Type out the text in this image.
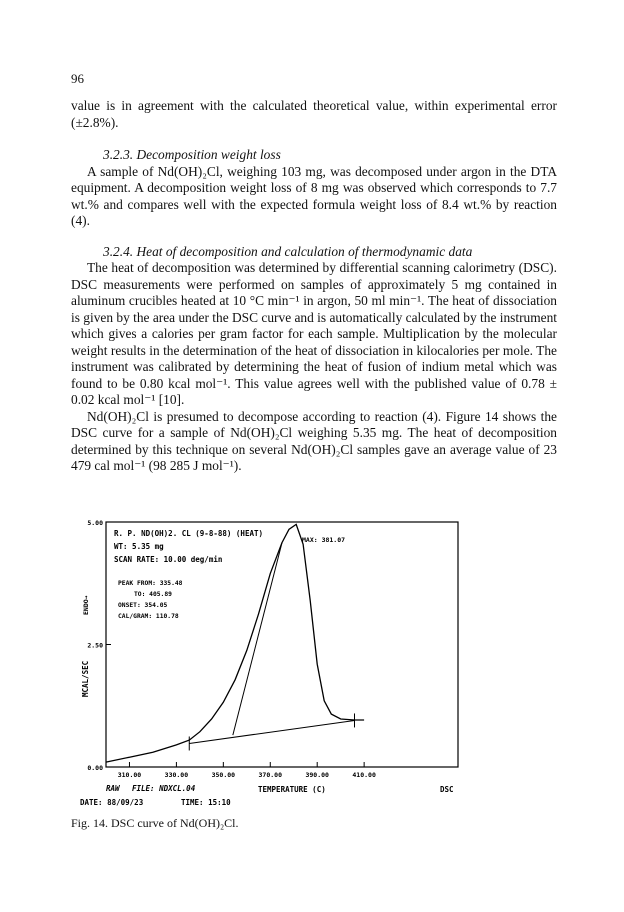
96

value is in agreement with the calculated theoretical value, within experimental error (±2.8%).

3.2.3. Decomposition weight loss

A sample of Nd(OH)₂Cl, weighing 103 mg, was decomposed under argon in the DTA equipment. A decomposition weight loss of 8 mg was observed which corresponds to 7.7 wt.% and compares well with the expected formula weight loss of 8.4 wt.% by reaction (4).

3.2.4. Heat of decomposition and calculation of thermodynamic data

The heat of decomposition was determined by differential scanning calorimetry (DSC). DSC measurements were performed on samples of approximately 5 mg contained in aluminum crucibles heated at 10 °C min⁻¹ in argon, 50 ml min⁻¹. The heat of dissociation is given by the area under the DSC curve and is automatically calculated by the instrument which gives a calories per gram factor for each sample. Multiplication by the molecular weight results in the determination of the heat of dissociation in kilocalories per mole. The instrument was calibrated by determining the heat of fusion of indium metal which was found to be 0.80 kcal mol⁻¹. This value agrees well with the published value of 0.78 ± 0.02 kcal mol⁻¹ [10].

Nd(OH)₂Cl is presumed to decompose according to reaction (4). Figure 14 shows the DSC curve for a sample of Nd(OH)₂Cl weighing 5.35 mg. The heat of decomposition determined by this technique on several Nd(OH)₂Cl samples gave an average value of 23 479 cal mol⁻¹ (98 285 J mol⁻¹).

310.00	330.00	350.00	370.00	390.00	410.00
0.00
2.50
5.00
R. P. ND(OH)2. CL (9-8-88) (HEAT)
WT: 5.35 mg
SCAN RATE: 10.00 deg/min
PEAK FROM: 335.48
TO: 405.89
ONSET: 354.05
CAL/GRAM: 110.78
MAX: 381.07
ENDO→
MCAL/SEC
RAW FILE: NDXCL.04	TEMPERATURE (C)	DSC
DATE: 88/09/23	TIME: 15:10
Fig. 14. DSC curve of Nd(OH)₂Cl.
